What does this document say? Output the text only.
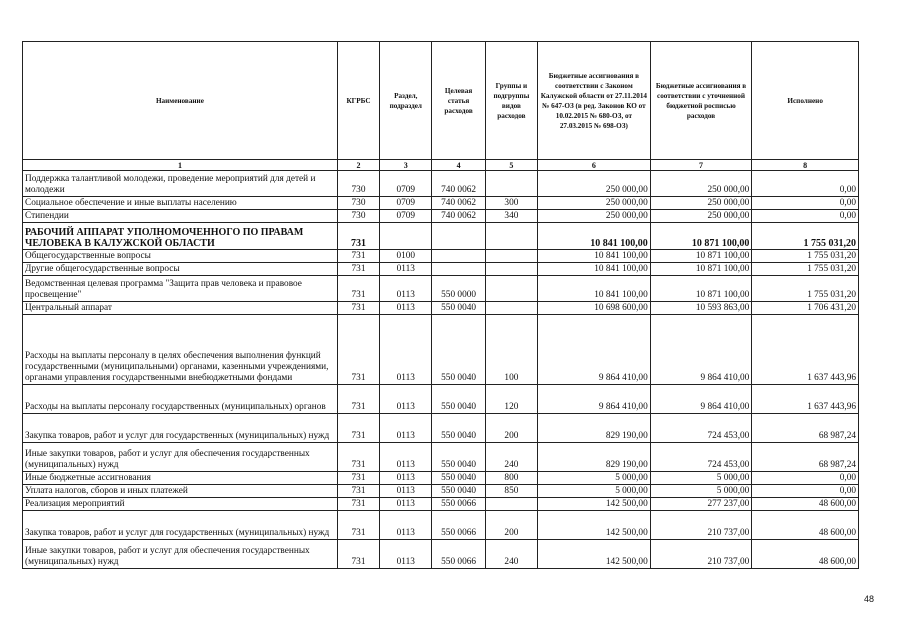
Наименование	КГРБС	Раздел, подраздел	Целевая статья расходов	Группы и подгруппы видов расходов	Бюджетные ассигнования в соответствии с Законом Калужской области от 27.11.2014 № 647-ОЗ (в ред. Законов КО от 10.02.2015 № 680-ОЗ, от 27.03.2015 № 698-ОЗ)	Бюджетные ассигнования в соответствии с уточненной бюджетной росписью расходов	Исполнено
1	2	3	4	5	6	7	8
Поддержка талантливой молодежи, проведение мероприятий для детей и молодежи	730	0709	740 0062		250 000,00	250 000,00	0,00
Социальное обеспечение и иные выплаты населению	730	0709	740 0062	300	250 000,00	250 000,00	0,00
Стипендии	730	0709	740 0062	340	250 000,00	250 000,00	0,00
РАБОЧИЙ АППАРАТ УПОЛНОМОЧЕННОГО ПО ПРАВАМ ЧЕЛОВЕКА В КАЛУЖСКОЙ ОБЛАСТИ	731				10 841 100,00	10 871 100,00	1 755 031,20
Общегосударственные вопросы	731	0100			10 841 100,00	10 871 100,00	1 755 031,20
Другие общегосударственные вопросы	731	0113			10 841 100,00	10 871 100,00	1 755 031,20
Ведомственная целевая программа "Защита прав человека и правовое просвещение"	731	0113	550 0000		10 841 100,00	10 871 100,00	1 755 031,20
Центральный аппарат	731	0113	550 0040		10 698 600,00	10 593 863,00	1 706 431,20
Расходы на выплаты персоналу в целях обеспечения выполнения функций государственными (муниципальными) органами, казенными учреждениями, органами управления государственными внебюджетными фондами	731	0113	550 0040	100	9 864 410,00	9 864 410,00	1 637 443,96
Расходы на выплаты персоналу государственных (муниципальных) органов	731	0113	550 0040	120	9 864 410,00	9 864 410,00	1 637 443,96
Закупка товаров, работ и услуг для государственных (муниципальных) нужд	731	0113	550 0040	200	829 190,00	724 453,00	68 987,24
Иные закупки товаров, работ и услуг для обеспечения государственных (муниципальных) нужд	731	0113	550 0040	240	829 190,00	724 453,00	68 987,24
Иные бюджетные ассигнования	731	0113	550 0040	800	5 000,00	5 000,00	0,00
Уплата налогов, сборов и иных платежей	731	0113	550 0040	850	5 000,00	5 000,00	0,00
Реализация мероприятий	731	0113	550 0066		142 500,00	277 237,00	48 600,00
Закупка товаров, работ и услуг для государственных (муниципальных) нужд	731	0113	550 0066	200	142 500,00	210 737,00	48 600,00
Иные закупки товаров, работ и услуг для обеспечения государственных (муниципальных) нужд	731	0113	550 0066	240	142 500,00	210 737,00	48 600,00
48
